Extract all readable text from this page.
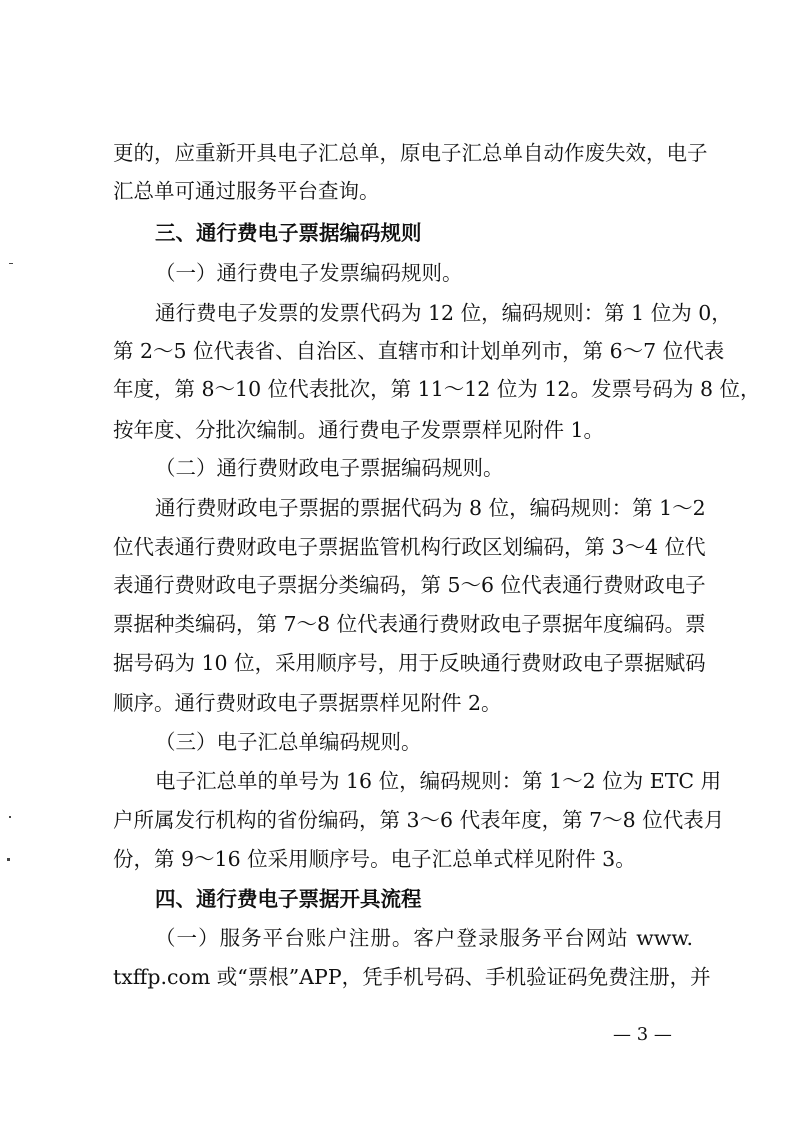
更的，应重新开具电子汇总单，原电子汇总单自动作废失效，电子
汇总单可通过服务平台查询。
三、通行费电子票据编码规则
（一）通行费电子发票编码规则。
通行费电子发票的发票代码为 12 位，编码规则：第 1 位为 0，
第 2～5 位代表省、自治区、直辖市和计划单列市，第 6～7 位代表
年度，第 8～10 位代表批次，第 11～12 位为 12。发票号码为 8 位，
按年度、分批次编制。通行费电子发票票样见附件 1。
（二）通行费财政电子票据编码规则。
通行费财政电子票据的票据代码为 8 位，编码规则：第 1～2
位代表通行费财政电子票据监管机构行政区划编码，第 3～4 位代
表通行费财政电子票据分类编码，第 5～6 位代表通行费财政电子
票据种类编码，第 7～8 位代表通行费财政电子票据年度编码。票
据号码为 10 位，采用顺序号，用于反映通行费财政电子票据赋码
顺序。通行费财政电子票据票样见附件 2。
（三）电子汇总单编码规则。
电子汇总单的单号为 16 位，编码规则：第 1～2 位为 ETC 用
户所属发行机构的省份编码，第 3～6 代表年度，第 7～8 位代表月
份，第 9～16 位采用顺序号。电子汇总单式样见附件 3。
四、通行费电子票据开具流程
（一）服务平台账户注册。客户登录服务平台网站 www.
txffp.com 或“票根”APP，凭手机号码、手机验证码免费注册，并
— 3 —
